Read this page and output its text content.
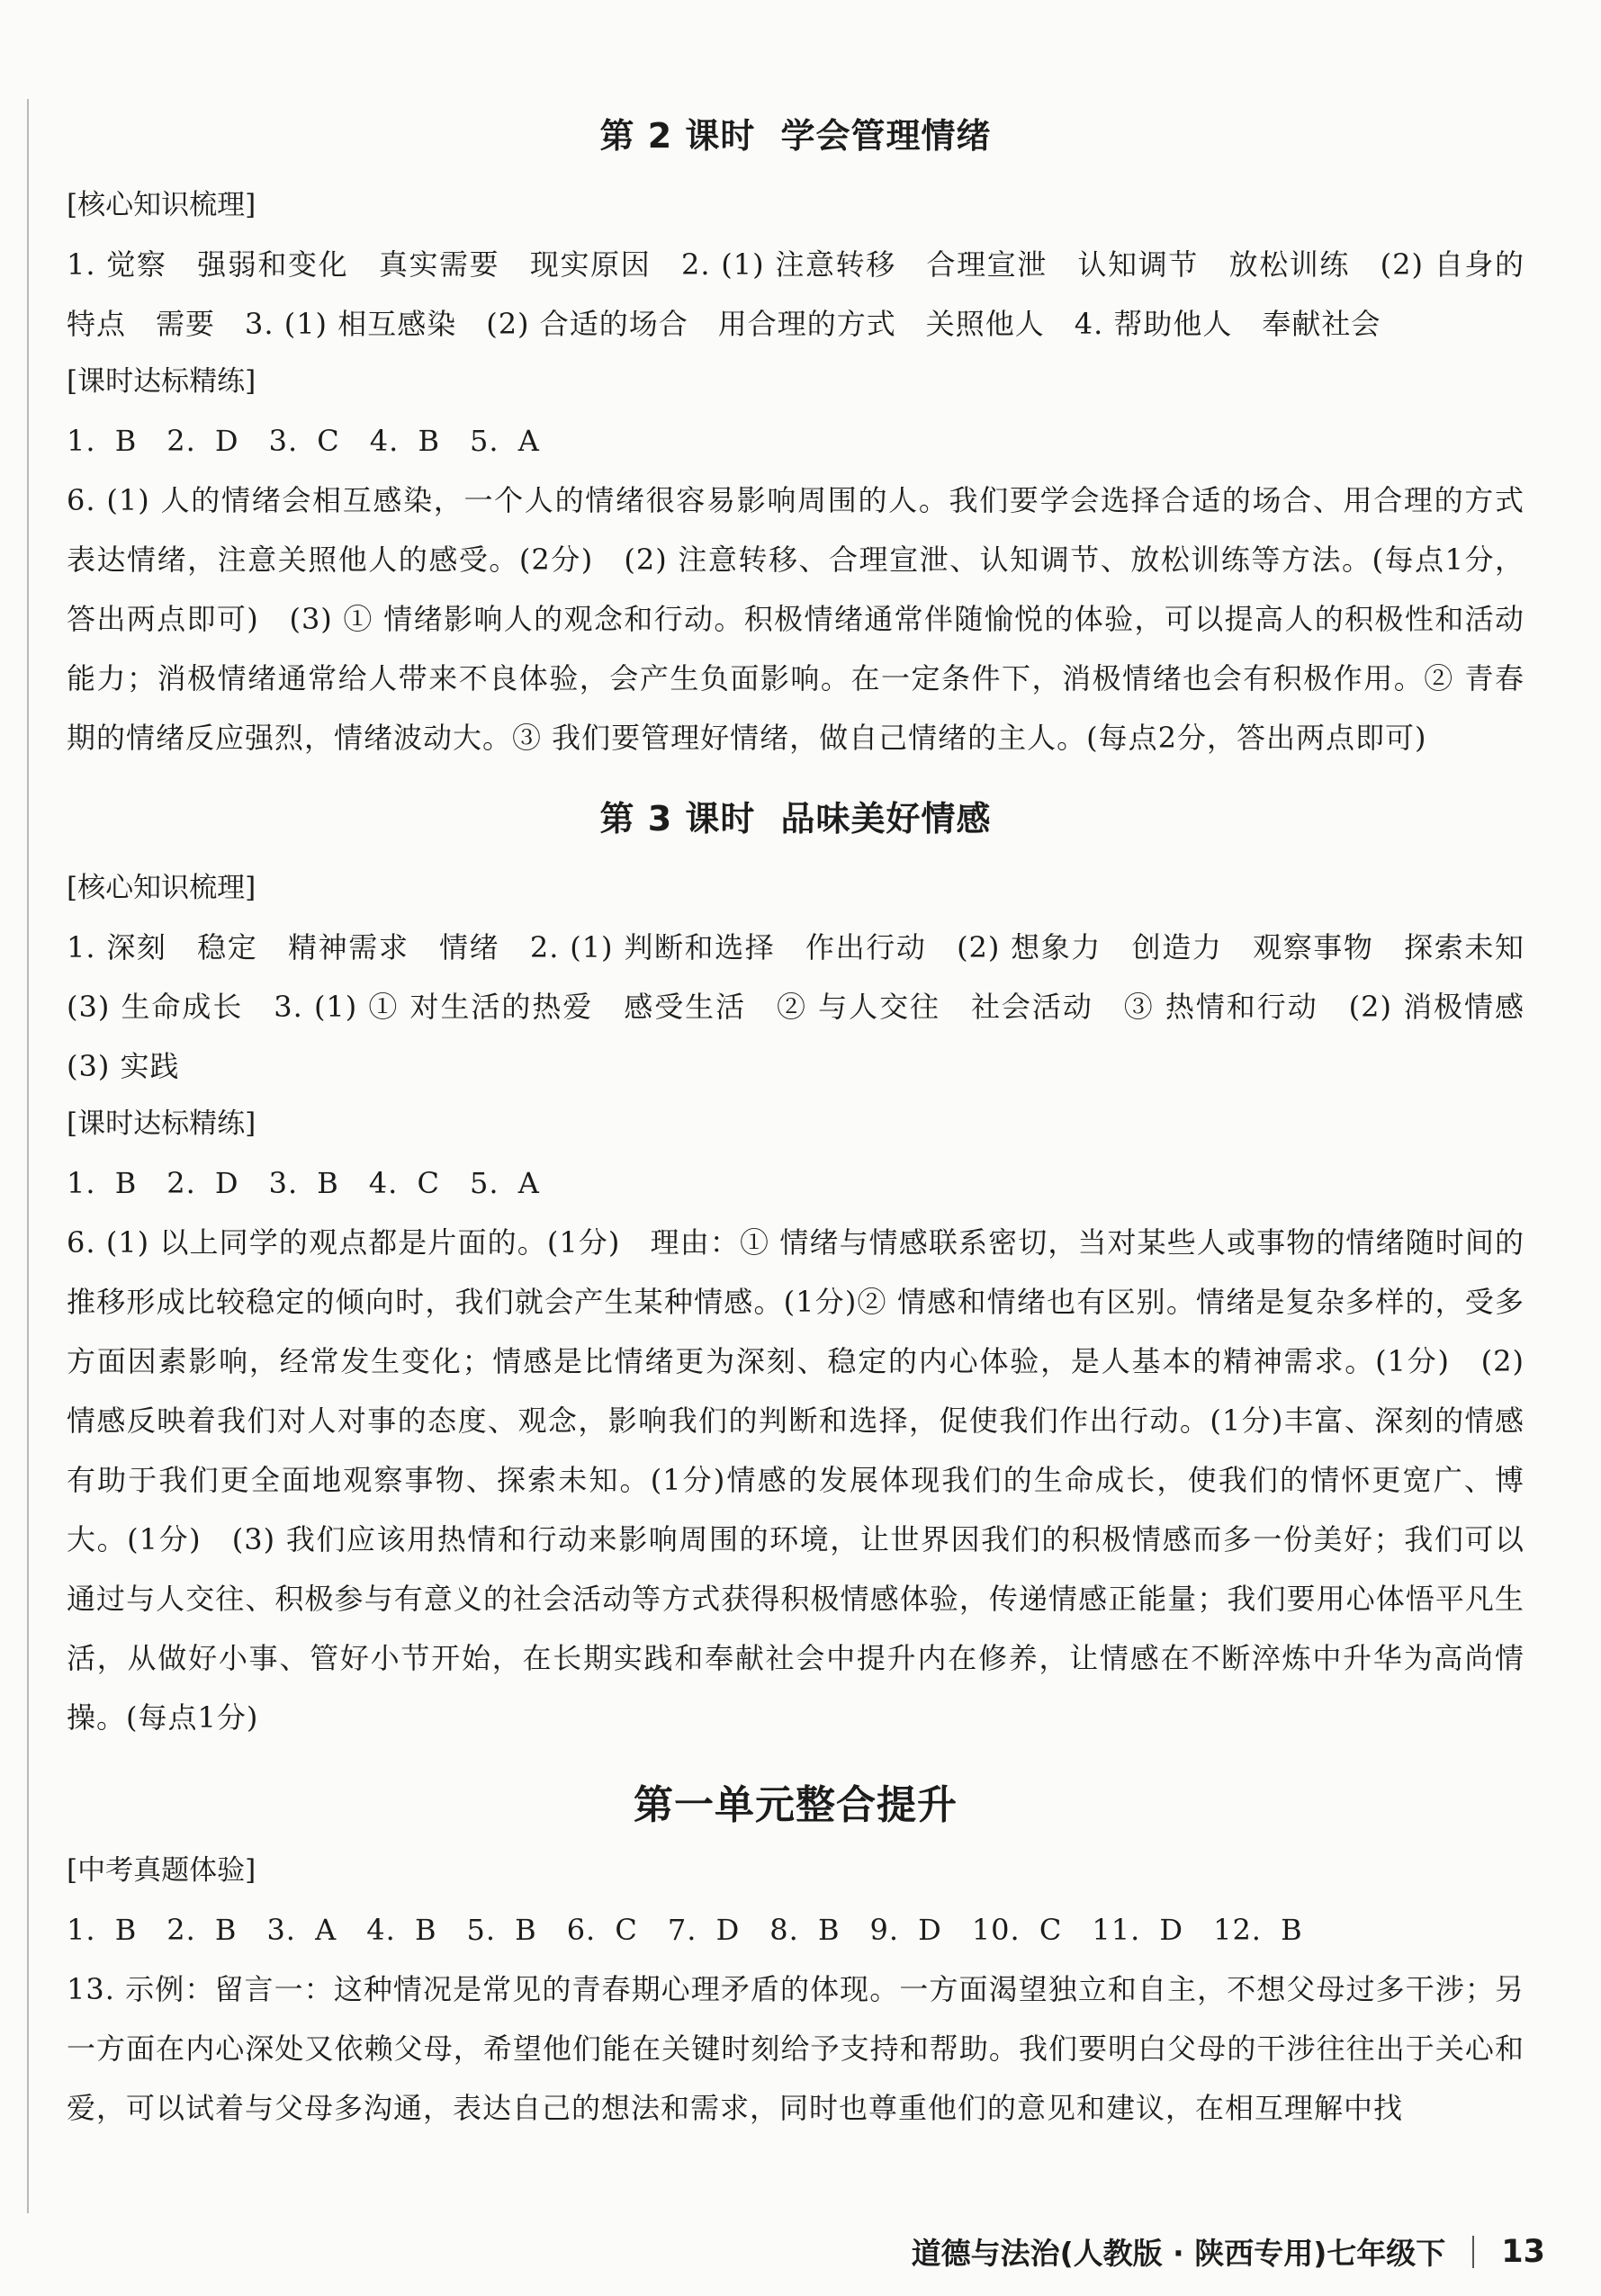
第 2 课时 学会管理情绪
[核心知识梳理]
1. 觉察　强弱和变化　真实需要　现实原因　2. (1) 注意转移　合理宣泄　认知调节　放松训练　(2) 自身的特点　需要　3. (1) 相互感染　(2) 合适的场合　用合理的方式　关照他人　4. 帮助他人　奉献社会
[课时达标精练]
1. B　2. D　3. C　4. B　5. A
6. (1) 人的情绪会相互感染，一个人的情绪很容易影响周围的人。我们要学会选择合适的场合、用合理的方式表达情绪，注意关照他人的感受。(2分)　(2) 注意转移、合理宣泄、认知调节、放松训练等方法。(每点1分，答出两点即可)　(3) ① 情绪影响人的观念和行动。积极情绪通常伴随愉悦的体验，可以提高人的积极性和活动能力；消极情绪通常给人带来不良体验，会产生负面影响。在一定条件下，消极情绪也会有积极作用。② 青春期的情绪反应强烈，情绪波动大。③ 我们要管理好情绪，做自己情绪的主人。(每点2分，答出两点即可)
第 3 课时 品味美好情感
[核心知识梳理]
1. 深刻　稳定　精神需求　情绪　2. (1) 判断和选择　作出行动　(2) 想象力　创造力　观察事物　探索未知　(3) 生命成长　3. (1) ① 对生活的热爱　感受生活　② 与人交往　社会活动　③ 热情和行动　(2) 消极情感　(3) 实践
[课时达标精练]
1. B　2. D　3. B　4. C　5. A
6. (1) 以上同学的观点都是片面的。(1分)　理由：① 情绪与情感联系密切，当对某些人或事物的情绪随时间的推移形成比较稳定的倾向时，我们就会产生某种情感。(1分)② 情感和情绪也有区别。情绪是复杂多样的，受多方面因素影响，经常发生变化；情感是比情绪更为深刻、稳定的内心体验，是人基本的精神需求。(1分)　(2) 情感反映着我们对人对事的态度、观念，影响我们的判断和选择，促使我们作出行动。(1分)丰富、深刻的情感有助于我们更全面地观察事物、探索未知。(1分)情感的发展体现我们的生命成长，使我们的情怀更宽广、博大。(1分)　(3) 我们应该用热情和行动来影响周围的环境，让世界因我们的积极情感而多一份美好；我们可以通过与人交往、积极参与有意义的社会活动等方式获得积极情感体验，传递情感正能量；我们要用心体悟平凡生活，从做好小事、管好小节开始，在长期实践和奉献社会中提升内在修养，让情感在不断淬炼中升华为高尚情操。(每点1分)
第一单元整合提升
[中考真题体验]
1. B　2. B　3. A　4. B　5. B　6. C　7. D　8. B　9. D　10. C　11. D　12. B
13. 示例：留言一：这种情况是常见的青春期心理矛盾的体现。一方面渴望独立和自主，不想父母过多干涉；另一方面在内心深处又依赖父母，希望他们能在关键时刻给予支持和帮助。我们要明白父母的干涉往往出于关心和爱，可以试着与父母多沟通，表达自己的想法和需求，同时也尊重他们的意见和建议，在相互理解中找
道德与法治(人教版 · 陕西专用)七年级下 13
